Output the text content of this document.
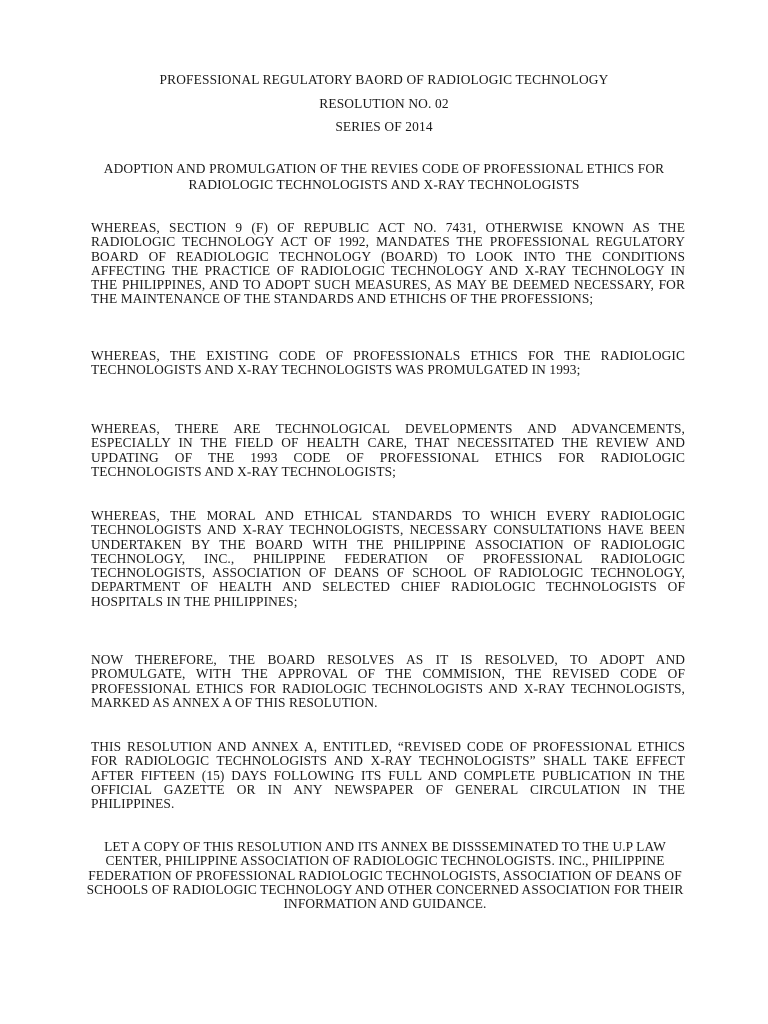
PROFESSIONAL REGULATORY BAORD OF RADIOLOGIC TECHNOLOGY
RESOLUTION NO. 02
SERIES OF 2014
ADOPTION AND PROMULGATION OF THE REVIES CODE OF PROFESSIONAL ETHICS FOR RADIOLOGIC TECHNOLOGISTS AND X-RAY TECHNOLOGISTS
WHEREAS, SECTION 9 (F) OF REPUBLIC ACT NO. 7431, OTHERWISE KNOWN AS THE RADIOLOGIC TECHNOLOGY ACT OF 1992, MANDATES THE PROFESSIONAL REGULATORY BOARD OF READIOLOGIC TECHNOLOGY (BOARD) TO LOOK INTO THE CONDITIONS AFFECTING THE PRACTICE OF RADIOLOGIC TECHNOLOGY AND X-RAY TECHNOLOGY IN THE PHILIPPINES, AND TO ADOPT SUCH MEASURES, AS MAY BE DEEMED NECESSARY, FOR THE MAINTENANCE OF THE STANDARDS AND ETHICHS OF THE PROFESSIONS;
WHEREAS, THE EXISTING CODE OF PROFESSIONALS ETHICS FOR THE RADIOLOGIC TECHNOLOGISTS AND X-RAY TECHNOLOGISTS WAS PROMULGATED IN 1993;
WHEREAS, THERE ARE TECHNOLOGICAL DEVELOPMENTS AND ADVANCEMENTS, ESPECIALLY IN THE FIELD OF HEALTH CARE, THAT NECESSITATED THE REVIEW AND UPDATING OF THE 1993 CODE OF PROFESSIONAL ETHICS FOR RADIOLOGIC TECHNOLOGISTS AND X-RAY TECHNOLOGISTS;
WHEREAS, THE MORAL AND ETHICAL STANDARDS TO WHICH EVERY RADIOLOGIC TECHNOLOGISTS AND X-RAY TECHNOLOGISTS, NECESSARY CONSULTATIONS HAVE BEEN UNDERTAKEN BY THE BOARD WITH THE PHILIPPINE ASSOCIATION OF RADIOLOGIC TECHNOLOGY, INC., PHILIPPINE FEDERATION OF PROFESSIONAL RADIOLOGIC TECHNOLOGISTS, ASSOCIATION OF DEANS OF SCHOOL OF RADIOLOGIC TECHNOLOGY, DEPARTMENT OF HEALTH AND SELECTED CHIEF RADIOLOGIC TECHNOLOGISTS OF HOSPITALS IN THE PHILIPPINES;
NOW THEREFORE, THE BOARD RESOLVES AS IT IS RESOLVED, TO ADOPT AND PROMULGATE, WITH THE APPROVAL OF THE COMMISION, THE REVISED CODE OF PROFESSIONAL ETHICS FOR RADIOLOGIC TECHNOLOGISTS AND X-RAY TECHNOLOGISTS, MARKED AS ANNEX A OF THIS RESOLUTION.
THIS RESOLUTION AND ANNEX A, ENTITLED, “REVISED CODE OF PROFESSIONAL ETHICS FOR RADIOLOGIC TECHNOLOGISTS AND X-RAY TECHNOLOGISTS” SHALL TAKE EFFECT AFTER FIFTEEN (15) DAYS FOLLOWING ITS FULL AND COMPLETE PUBLICATION IN THE OFFICIAL GAZETTE OR IN ANY NEWSPAPER OF GENERAL CIRCULATION IN THE PHILIPPINES.
LET A COPY OF THIS RESOLUTION AND ITS ANNEX BE DISSSEMINATED TO THE U.P LAW CENTER, PHILIPPINE ASSOCIATION OF RADIOLOGIC TECHNOLOGISTS. INC., PHILIPPINE FEDERATION OF PROFESSIONAL RADIOLOGIC TECHNOLOGISTS, ASSOCIATION OF DEANS OF SCHOOLS OF RADIOLOGIC TECHNOLOGY AND OTHER CONCERNED ASSOCIATION FOR THEIR INFORMATION AND GUIDANCE.
